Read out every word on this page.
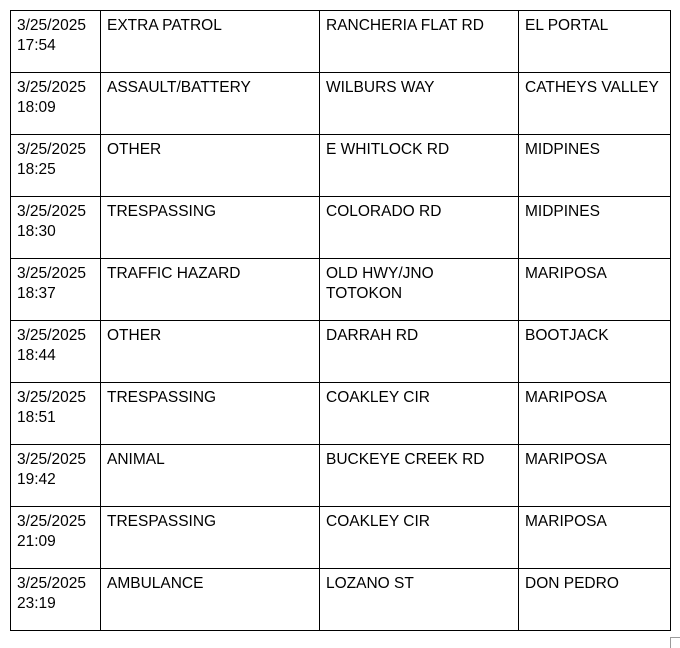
3/25/2025
17:54	EXTRA PATROL	RANCHERIA FLAT RD	EL PORTAL

3/25/2025
18:09	ASSAULT/BATTERY	WILBURS WAY	CATHEYS VALLEY

3/25/2025
18:25	OTHER	E WHITLOCK RD	MIDPINES

3/25/2025
18:30	TRESPASSING	COLORADO RD	MIDPINES

3/25/2025
18:37	TRAFFIC HAZARD	OLD HWY/JNO TOTOKON	MARIPOSA

3/25/2025
18:44	OTHER	DARRAH RD	BOOTJACK

3/25/2025
18:51	TRESPASSING	COAKLEY CIR	MARIPOSA

3/25/2025
19:42	ANIMAL	BUCKEYE CREEK RD	MARIPOSA

3/25/2025
21:09	TRESPASSING	COAKLEY CIR	MARIPOSA

3/25/2025
23:19	AMBULANCE	LOZANO ST	DON PEDRO
